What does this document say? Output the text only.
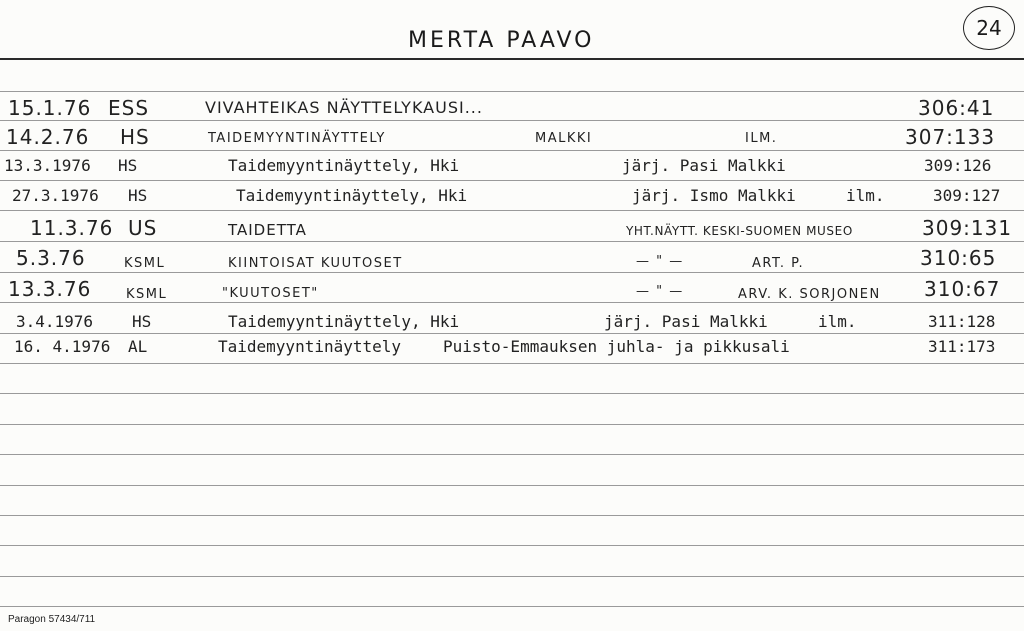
MERTA PAAVO	24
15.1.76 ESS	VIVAHTEIKAS NÄYTTELYKAUSI...	306:41
14.2.76 HS	TAIDEMYYNTINÄYTTELY	MALKKI	ILM.	307:133
13.3.1976 HS	Taidemyyntinäyttely, Hki	järj. Pasi Malkki	309:126
27.3.1976 HS	Taidemyyntinäyttely, Hki	järj. Ismo Malkki	ilm.	309:127
11.3.76 US	TAIDETTA	YHT.NÄYTT. KESKI-SUOMEN MUSEO	309:131
5.3.76	KSML	KIINTOISAT KUUTOSET	— " —	ART. P.	310:65
13.3.76	KSML	"KUUTOSET"	— " —	ARV. K. SORJONEN 310:67
3.4.1976 HS	Taidemyyntinäyttely, Hki	järj. Pasi Malkki	ilm.	311:128
16. 4.1976 AL	Taidemyyntinäyttely	Puisto-Emmauksen juhla- ja pikkusali	311:173
Paragon 57434/711
